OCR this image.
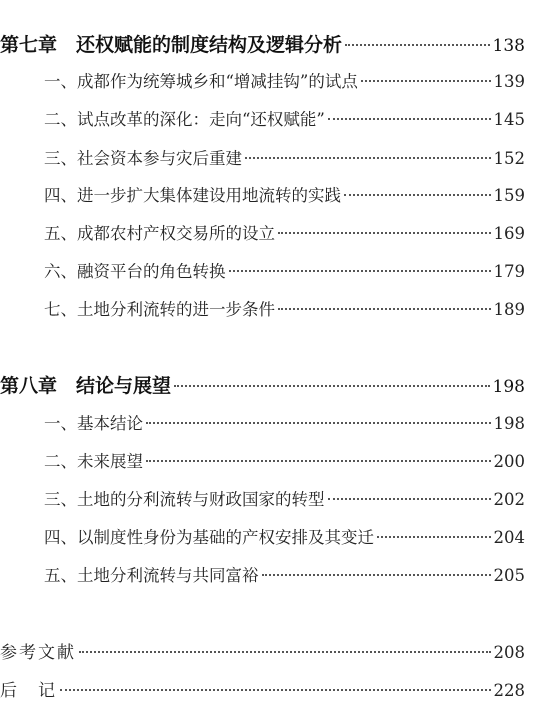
第七章　还权赋能的制度结构及逻辑分析	138
一、成都作为统筹城乡和“增减挂钩”的试点	139
二、试点改革的深化：走向“还权赋能”	145
三、社会资本参与灾后重建	152
四、进一步扩大集体建设用地流转的实践	159
五、成都农村产权交易所的设立	169
六、融资平台的角色转换	179
七、土地分利流转的进一步条件	189
第八章　结论与展望	198
一、基本结论	198
二、未来展望	200
三、土地的分利流转与财政国家的转型	202
四、以制度性身份为基础的产权安排及其变迁	204
五、土地分利流转与共同富裕	205
参考文献	208
后　记	228
